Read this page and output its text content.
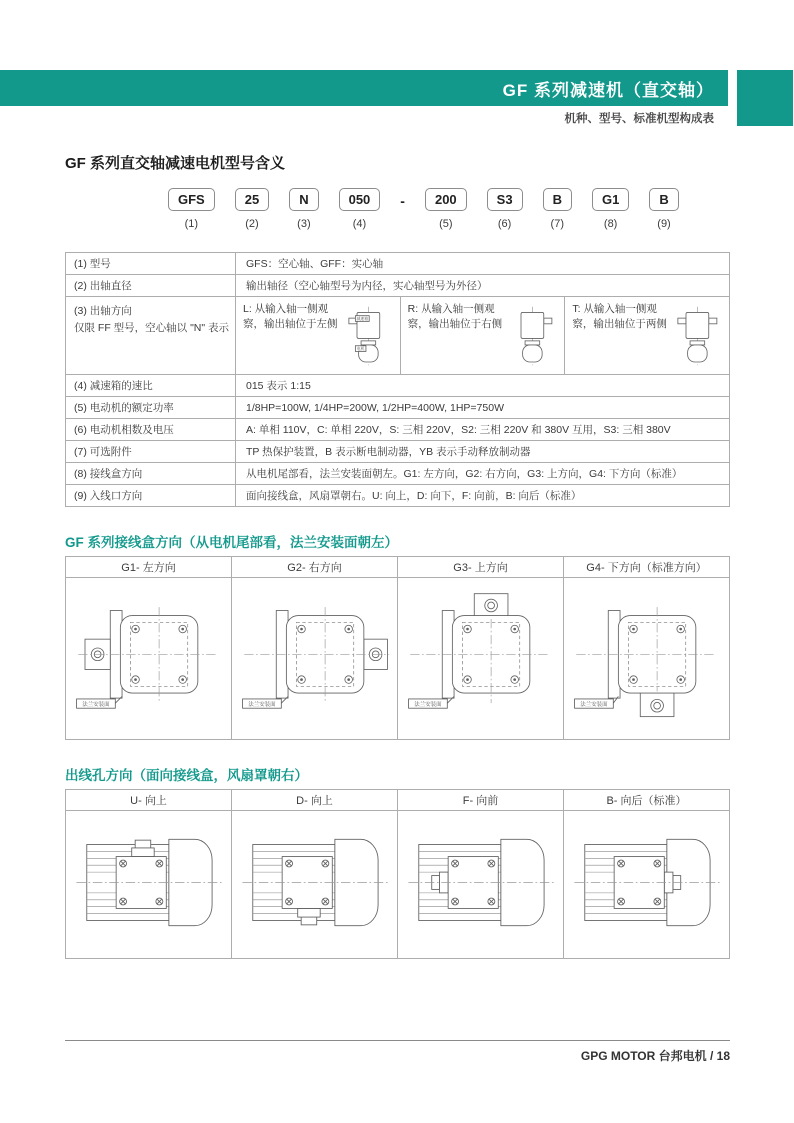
GF 系列减速机（直交轴）
机种、型号、标准机型构成表
GF 系列直交轴减速电机型号含义
GFS
(1)
25
(2)
N
(3)
050
(4)
-	200
(5)
S3
(6)
B
(7)
G1
(8)
B
(9)
(1) 型号	GFS：空心轴、GFF：实心轴
(2) 出轴直径	输出轴径（空心轴型号为内径，实心轴型号为外径）

(3) 出轴方向
仅限 FF 型号，空心轴以 "N" 表示

L: 从输入轴一侧观察，输出轴位于左侧	减速箱
电机
R: 从输入轴一侧观察，输出轴位于右侧
T: 从输入轴一侧观察，输出轴位于两侧

(4) 减速箱的速比	015 表示 1:15
(5) 电动机的额定功率	1/8HP=100W, 1/4HP=200W, 1/2HP=400W, 1HP=750W
(6) 电动机相数及电压	A: 单相 110V，C: 单相 220V，S: 三相 220V，S2: 三相 220V 和 380V 互用，S3: 三相 380V
(7) 可选附件	TP 热保护装置，B 表示断电制动器，YB 表示手动释放制动器
(8) 接线盒方向	从电机尾部看，法兰安装面朝左。G1: 左方向，G2: 右方向，G3: 上方向，G4: 下方向（标准）
(9) 入线口方向	面向接线盒，风扇罩朝右。U: 向上，D: 向下，F: 向前，B: 向后（标准）
GF 系列接线盒方向（从电机尾部看，法兰安装面朝左）
G1- 左方向	G2- 右方向	G3- 上方向	G4- 下方向（标准方向）

法兰安装面	法兰安装面	法兰安装面	法兰安装面
出线孔方向（面向接线盒，风扇罩朝右）
U- 向上	D- 向上	F- 向前	B- 向后（标准）

GPG MOTOR 台邦电机 / 18
